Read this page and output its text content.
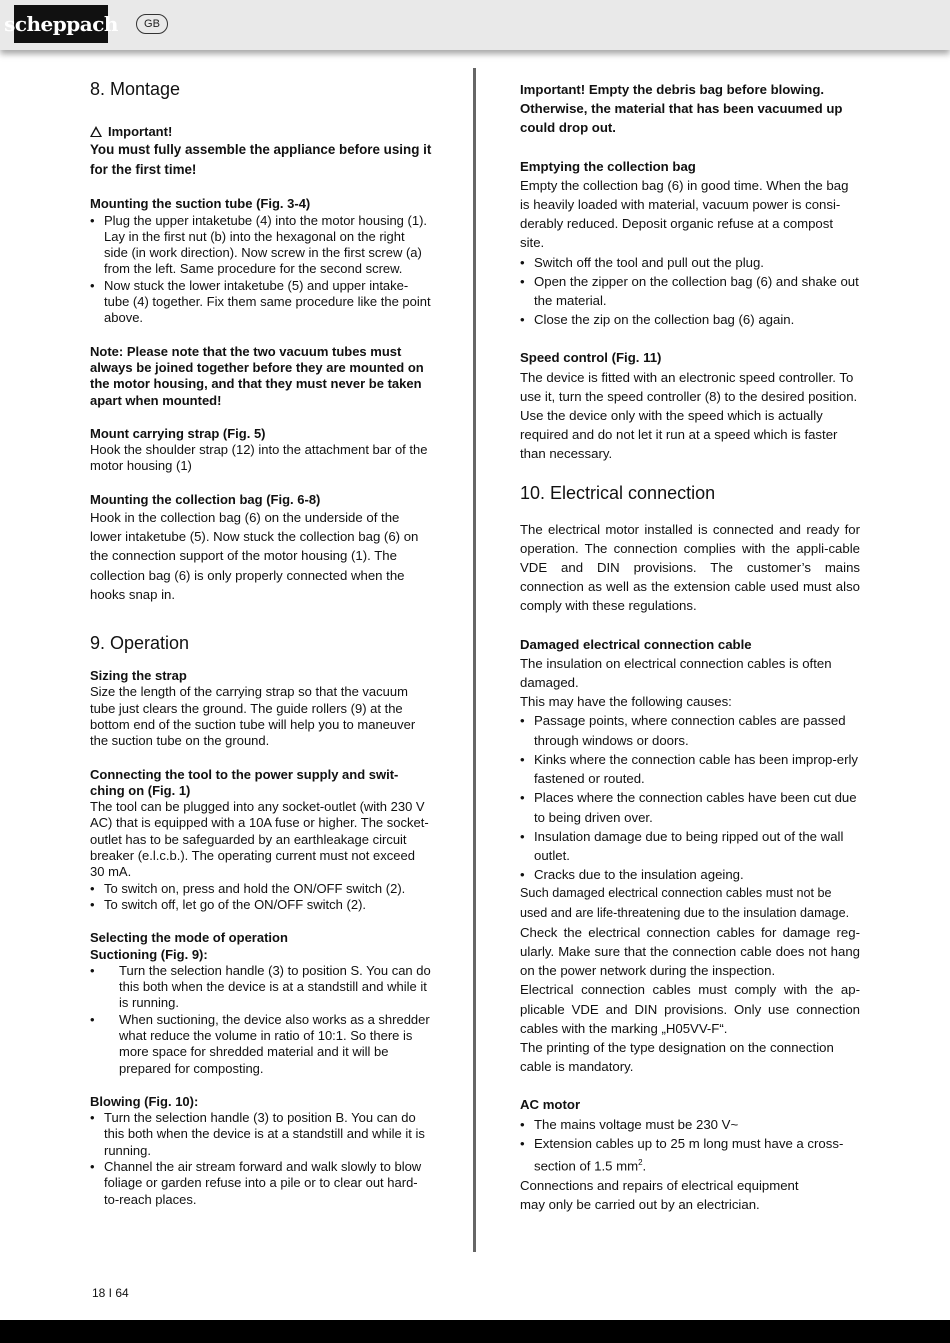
scheppach	GB
8. Montage

Important!

You must fully assemble the appliance before using it for the first time!

Mounting the suction tube (Fig. 3-4)

• Plug the upper intaketube (4) into the motor housing (1). Lay in the first nut (b) into the hexagonal on the right side (in work direction). Now screw in the first screw (a) from the left. Same procedure for the second screw.
• Now stuck the lower intaketube (5) and upper intake-tube (4) together. Fix them same procedure like the point above.

Note: Please note that the two vacuum tubes must always be joined together before they are mounted on the motor housing, and that they must never be taken apart when mounted!

Mount carrying strap (Fig. 5)

Hook the shoulder strap (12) into the attachment bar of the motor housing (1)

Mounting the collection bag (Fig. 6-8)

Hook in the collection bag (6) on the underside of the lower intaketube (5). Now stuck the collection bag (6) on the connection support of the motor housing (1). The collection bag (6) is only properly connected when the hooks snap in.

9. Operation

Sizing the strap

Size the length of the carrying strap so that the vacuum tube just clears the ground. The guide rollers (9) at the bottom end of the suction tube will help you to maneuver the suction tube on the ground.

Connecting the tool to the power supply and swit-ching on (Fig. 1)

The tool can be plugged into any socket-outlet (with 230 V AC) that is equipped with a 10A fuse or higher. The socket-outlet has to be safeguarded by an earthleakage circuit breaker (e.l.c.b.). The operating current must not exceed 30 mA.

• To switch on, press and hold the ON/OFF switch (2).
• To switch off, let go of the ON/OFF switch (2).

Selecting the mode of operation

Suctioning (Fig. 9):

• Turn the selection handle (3) to position S. You can do this both when the device is at a standstill and while it is running.
• When suctioning, the device also works as a shredder what reduce the volume in ratio of 10:1. So there is more space for shredded material and it will be prepared for composting.

Blowing (Fig. 10):

• Turn the selection handle (3) to position B. You can do this both when the device is at a standstill and while it is running.
• Channel the air stream forward and walk slowly to blow foliage or garden refuse into a pile or to clear out hard-to-reach places.

Important! Empty the debris bag before blowing. Otherwise, the material that has been vacuumed up could drop out.

Emptying the collection bag

Empty the collection bag (6) in good time. When the bag is heavily loaded with material, vacuum power is consi-derably reduced. Deposit organic refuse at a compost site.

• Switch off the tool and pull out the plug.
• Open the zipper on the collection bag (6) and shake out the material.
• Close the zip on the collection bag (6) again.

Speed control (Fig. 11)

The device is fitted with an electronic speed controller. To use it, turn the speed controller (8) to the desired position. Use the device only with the speed which is actually required and do not let it run at a speed which is faster than necessary.

10. Electrical connection

The electrical motor installed is connected and ready for operation. The connection complies with the appli-cable VDE and DIN provisions. The customer’s mains connection as well as the extension cable used must also comply with these regulations.

Damaged electrical connection cable

The insulation on electrical connection cables is often damaged.

This may have the following causes:

• Passage points, where connection cables are passed through windows or doors.
• Kinks where the connection cable has been improp-erly fastened or routed.
• Places where the connection cables have been cut due to being driven over.
• Insulation damage due to being ripped out of the wall outlet.
• Cracks due to the insulation ageing.

Such damaged electrical connection cables must not be used and are life-threatening due to the insulation damage.

Check the electrical connection cables for damage reg-ularly. Make sure that the connection cable does not hang on the power network during the inspection.

Electrical connection cables must comply with the ap-plicable VDE and DIN provisions. Only use connection cables with the marking „H05VV-F“.

The printing of the type designation on the connection cable is mandatory.

AC motor

• The mains voltage must be 230 V~
• Extension cables up to 25 m long must have a cross-section of 1.5 $mm^2$.

Connections and repairs of electrical equipment

may only be carried out by an electrician.

18 I 64
